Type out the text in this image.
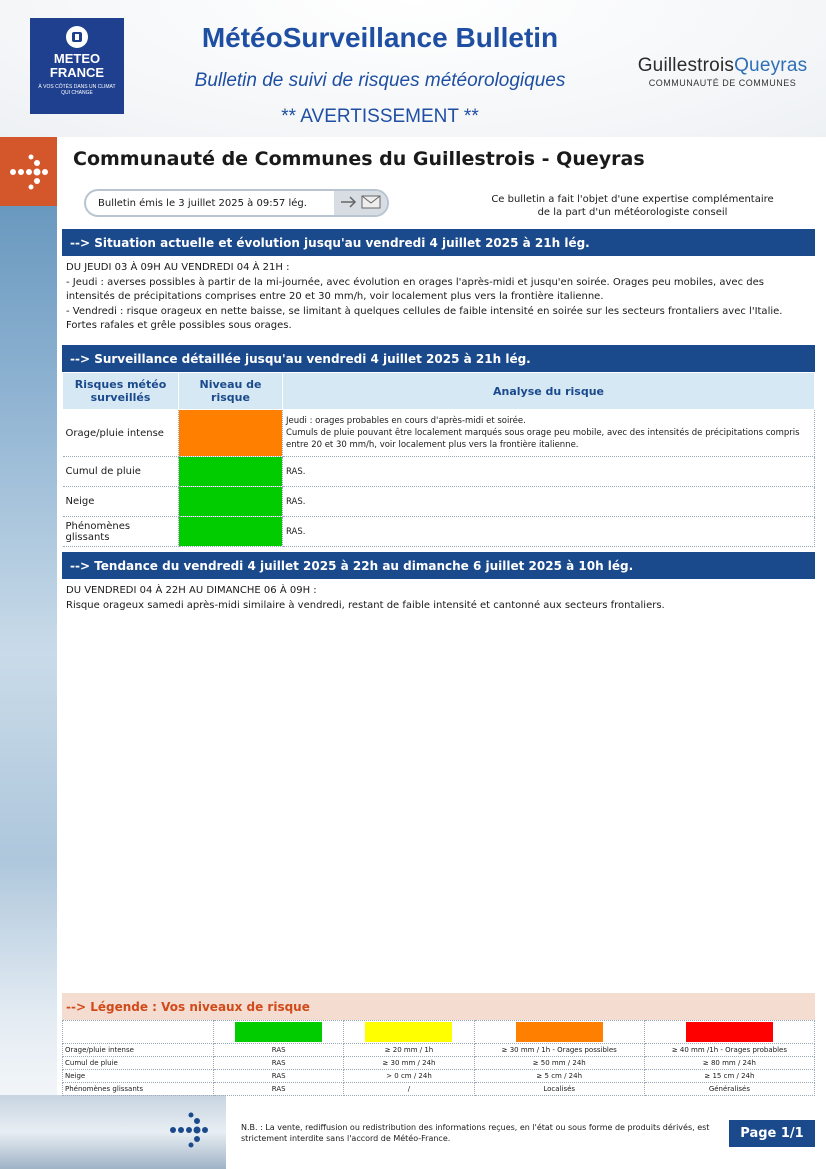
METEO
FRANCE
À VOS CÔTÉS DANS UN CLIMAT QUI CHANGE
MétéoSurveillance Bulletin
Bulletin de suivi de risques météorologiques
** AVERTISSEMENT **
GuillestroisQueyras
COMMUNAUTÉ DE COMMUNES
Communauté de Communes du Guillestrois - Queyras
Bulletin émis le 3 juillet 2025 à 09:57 lég.	Ce bulletin a fait l'objet d'une expertise complémentaire de la part d'un météorologiste conseil
--> Situation actuelle et évolution jusqu'au vendredi 4 juillet 2025 à 21h lég.
DU JEUDI 03 À 09H AU VENDREDI 04 À 21H :
- Jeudi : averses possibles à partir de la mi-journée, avec évolution en orages l'après-midi et jusqu'en soirée. Orages peu mobiles, avec des intensités de précipitations comprises entre 20 et 30 mm/h, voir localement plus vers la frontière italienne.
- Vendredi : risque orageux en nette baisse, se limitant à quelques cellules de faible intensité en soirée sur les secteurs frontaliers avec l'Italie.
Fortes rafales et grêle possibles sous orages.
--> Surveillance détaillée jusqu'au vendredi 4 juillet 2025 à 21h lég.
Risques météo surveillés	Niveau de risque	Analyse du risque
Orage/pluie intense		Jeudi : orages probables en cours d'après-midi et soirée.
Cumuls de pluie pouvant être localement marqués sous orage peu mobile, avec des intensités de précipitations compris entre 20 et 30 mm/h, voir localement plus vers la frontière italienne.

Cumul de pluie		RAS.
Neige		RAS.
Phénomènes glissants		RAS.
--> Tendance du vendredi 4 juillet 2025 à 22h au dimanche 6 juillet 2025 à 10h lég.
DU VENDREDI 04 À 22H AU DIMANCHE 06 À 09H :
Risque orageux samedi après-midi similaire à vendredi, restant de faible intensité et cantonné aux secteurs frontaliers.
--> Légende : Vos niveaux de risque

Orage/pluie intense	RAS	≥ 20 mm / 1h	≥ 30 mm / 1h - Orages possibles	≥ 40 mm /1h - Orages probables
Cumul de pluie	RAS	≥ 30 mm / 24h	≥ 50 mm / 24h	≥ 80 mm / 24h
Neige	RAS	> 0 cm / 24h	≥ 5 cm / 24h	≥ 15 cm / 24h
Phénomènes glissants	RAS	/	Localisés	Généralisés
N.B. : La vente, rediffusion ou redistribution des informations reçues, en l'état ou sous forme de produits dérivés, est strictement interdite sans l'accord de Météo-France.	Page 1/1
